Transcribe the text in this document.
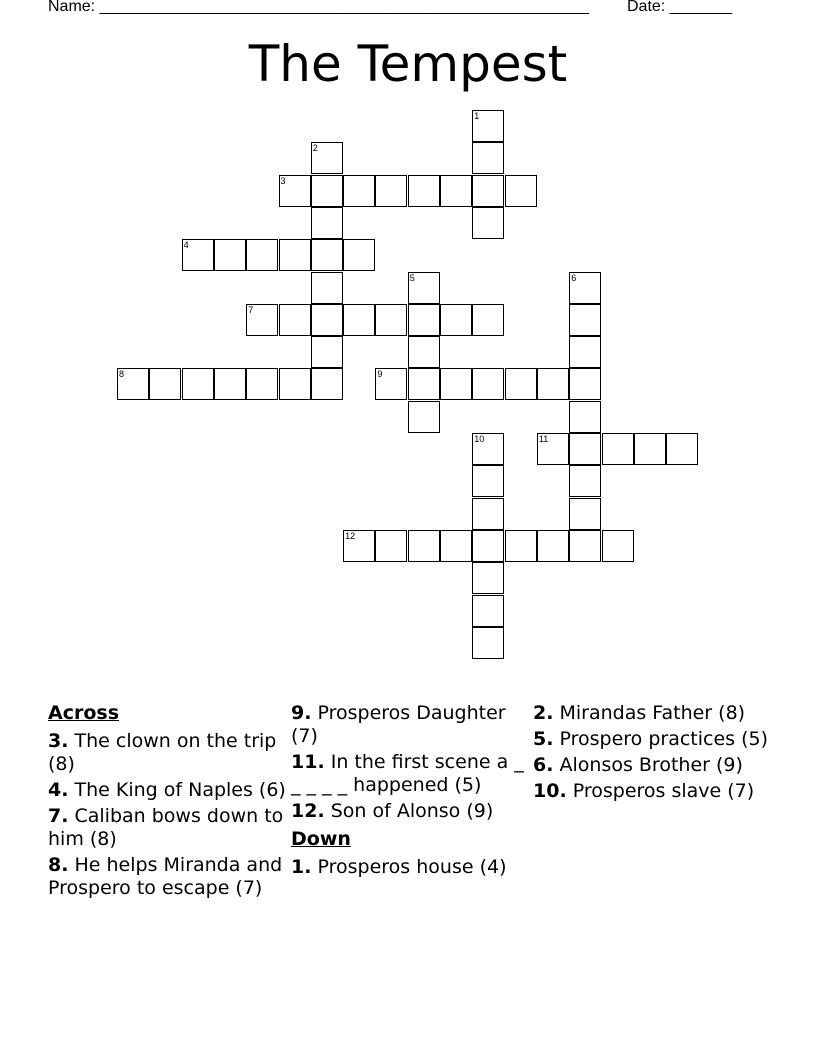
Name: _______________________________________________________ Date: _______
The Tempest
1
2
3
4
5	6
7
8	9
10	11
12
Across
3. The clown on the trip (8)
4. The King of Naples (6)
7. Caliban bows down to him (8)
8. He helps Miranda and Prospero to escape (7)
9. Prosperos Daughter (7)
11. In the first scene a _ _ _ _ _ happened (5)
12. Son of Alonso (9)
Down
1. Prosperos house (4)
2. Mirandas Father (8)
5. Prospero practices (5)
6. Alonsos Brother (9)
10. Prosperos slave (7)
